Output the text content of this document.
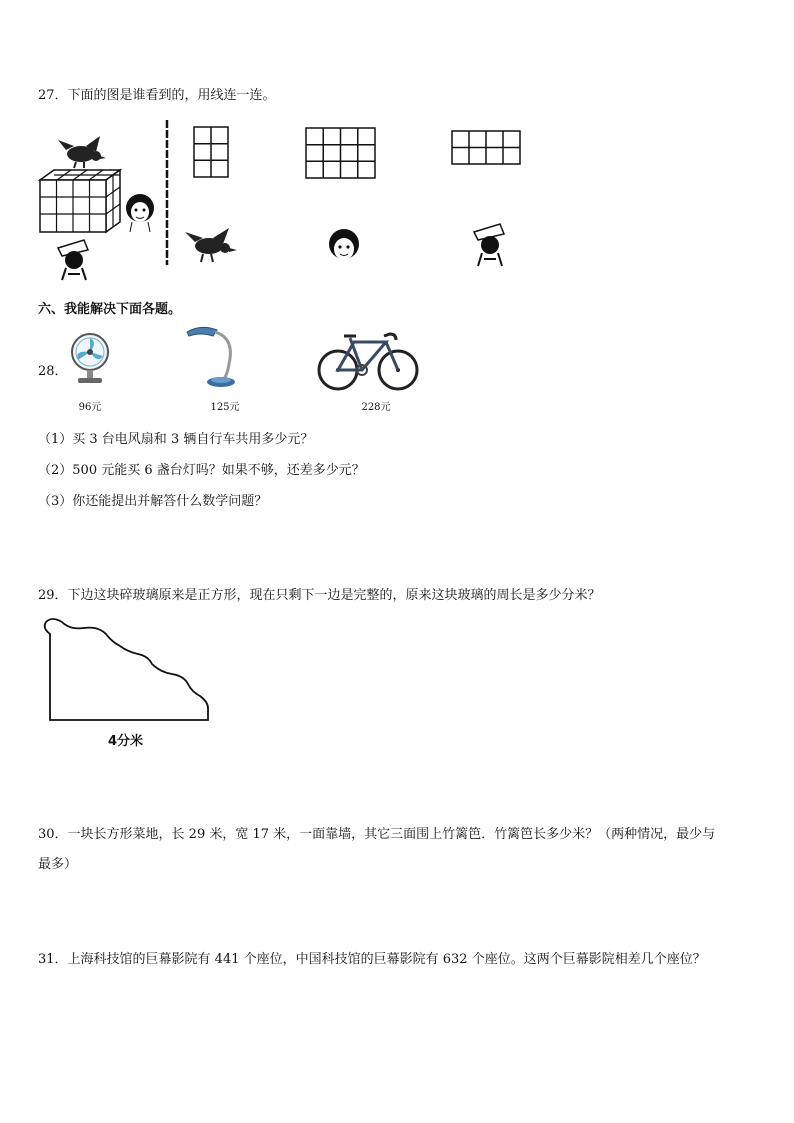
27．下面的图是谁看到的，用线连一连。
六、我能解决下面各题。
28．
96元	125元	228元
（1）买 3 台电风扇和 3 辆自行车共用多少元？
（2）500 元能买 6 盏台灯吗？如果不够，还差多少元？
（3）你还能提出并解答什么数学问题？
29．下边这块碎玻璃原来是正方形，现在只剩下一边是完整的，原来这块玻璃的周长是多少分米？
4分米
30．一块长方形菜地，长 29 米，宽 17 米，一面靠墙，其它三面围上竹篱笆．竹篱笆长多少米？（两种情况，最少与
最多）
31．上海科技馆的巨幕影院有 441 个座位，中国科技馆的巨幕影院有 632 个座位。这两个巨幕影院相差几个座位？
